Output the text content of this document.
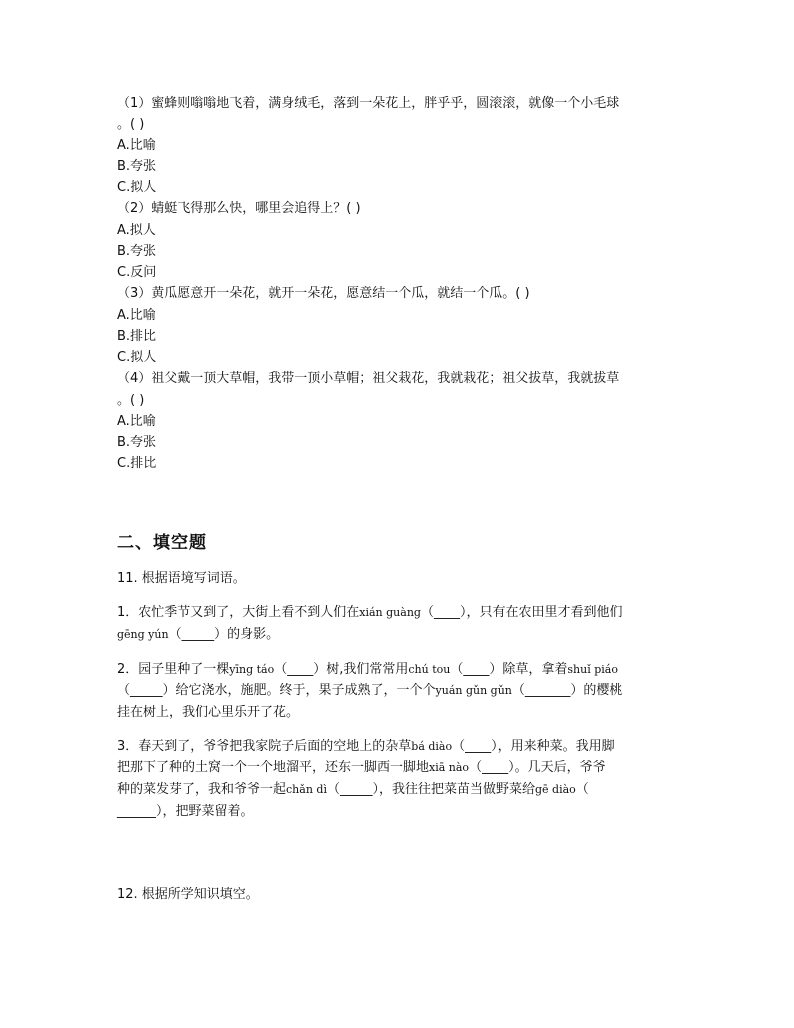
（1）蜜蜂则嗡嗡地飞着，满身绒毛，落到一朵花上，胖乎乎，圆滚滚，就像一个小毛球
。( )
A.比喻
B.夸张
C.拟人
（2）蜻蜓飞得那么快，哪里会追得上？( )
A.拟人
B.夸张
C.反问
（3）黄瓜愿意开一朵花，就开一朵花，愿意结一个瓜，就结一个瓜。( )
A.比喻
B.排比
C.拟人
（4）祖父戴一顶大草帽，我带一顶小草帽；祖父栽花，我就栽花；祖父拔草，我就拔草
。( )
A.比喻
B.夸张
C.排比
二、填空题
11. 根据语境写词语。
1．农忙季节又到了，大街上看不到人们在xián guàng（____），只有在农田里才看到他们
gēng yún（_____）的身影。
2．园子里种了一棵yīng táo（____）树,我们常常用chú tou（____）除草，拿着shuǐ piáo
（_____）给它浇水，施肥。终于，果子成熟了，一个个yuán gǔn gǔn（_______）的樱桃
挂在树上，我们心里乐开了花。
3．春天到了，爷爷把我家院子后面的空地上的杂草bá diào（____），用来种菜。我用脚
把那下了种的土窝一个一个地溜平，还东一脚西一脚地xiā nào（____）。几天后，爷爷
种的菜发芽了，我和爷爷一起chǎn dì（_____），我往往把菜苗当做野菜给gē diào（
______），把野菜留着。
12. 根据所学知识填空。
